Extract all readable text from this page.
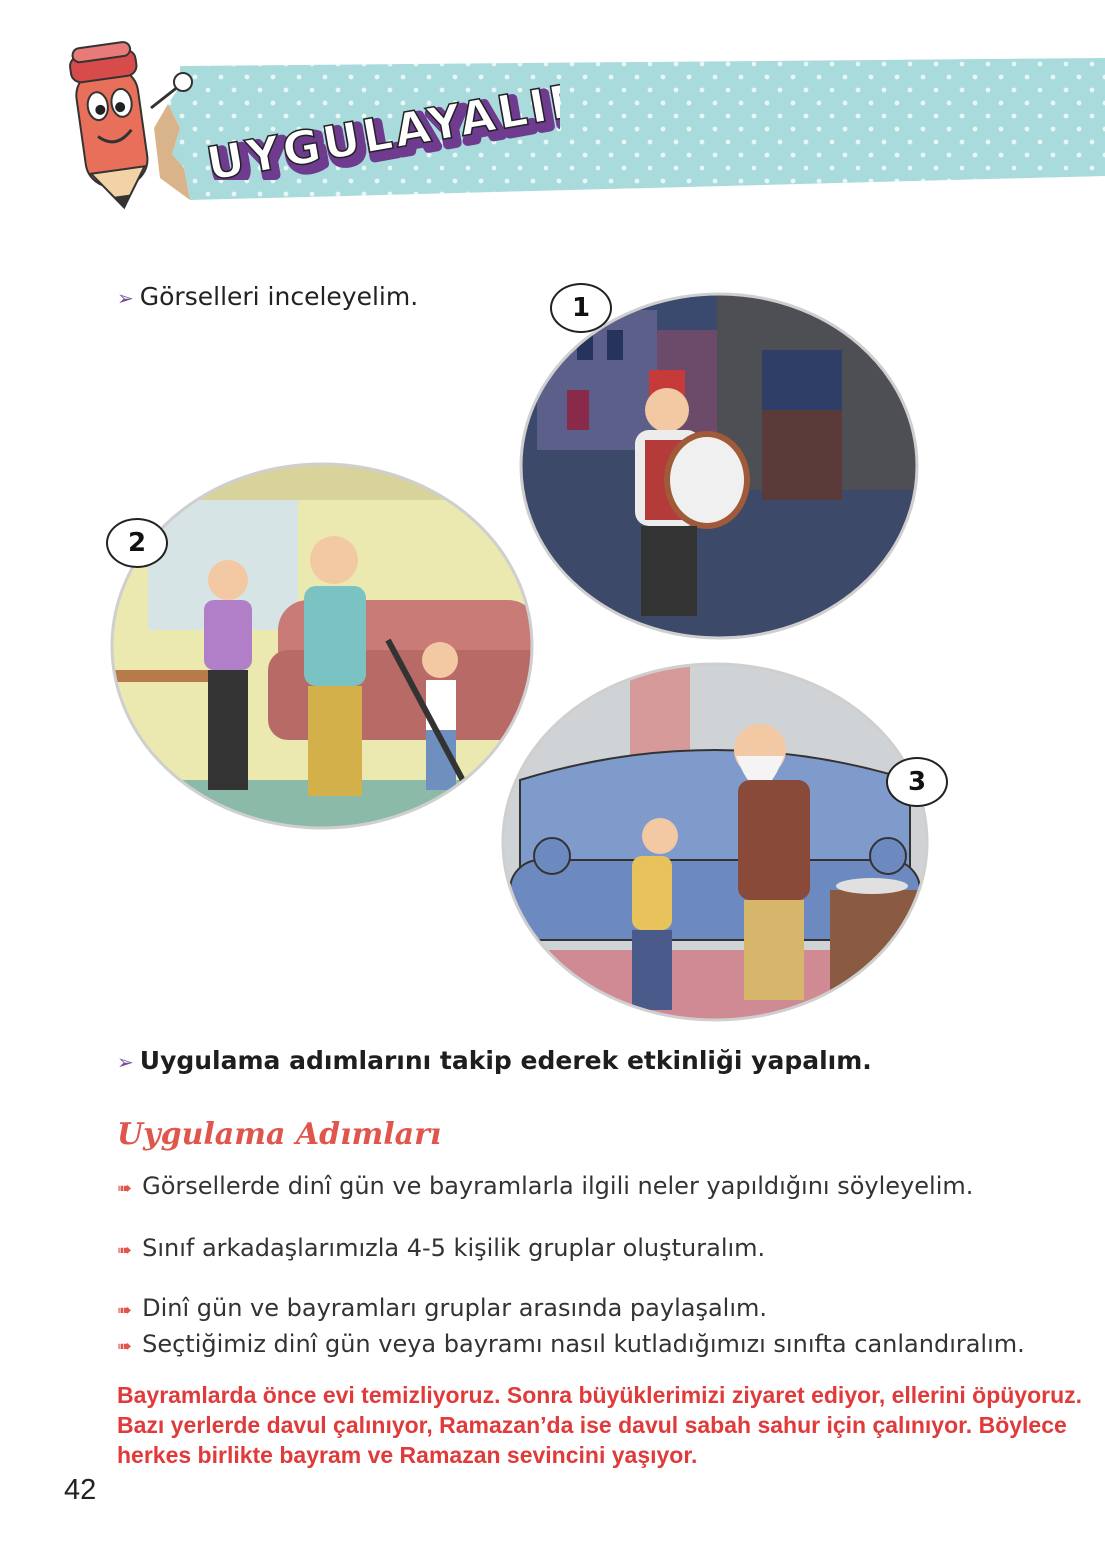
UYGULAYALIM
UYGULAYALIM
➢ Görselleri inceleyelim.	1
2
3
➢ Uygulama adımlarını takip ederek etkinliği yapalım.
Uygulama Adımları
➠ Görsellerde dinî gün ve bayramlarla ilgili neler yapıldığını söyleyelim.
➠ Sınıf arkadaşlarımızla 4-5 kişilik gruplar oluşturalım.
➠ Dinî gün ve bayramları gruplar arasında paylaşalım.
➠ Seçtiğimiz dinî gün veya bayramı nasıl kutladığımızı sınıfta canlandıralım.
Bayramlarda önce evi temizliyoruz. Sonra büyüklerimizi ziyaret ediyor, ellerini öpüyoruz. Bazı yerlerde davul çalınıyor, Ramazan’da ise davul sabah sahur için çalınıyor. Böylece herkes birlikte bayram ve Ramazan sevincini yaşıyor.
42
